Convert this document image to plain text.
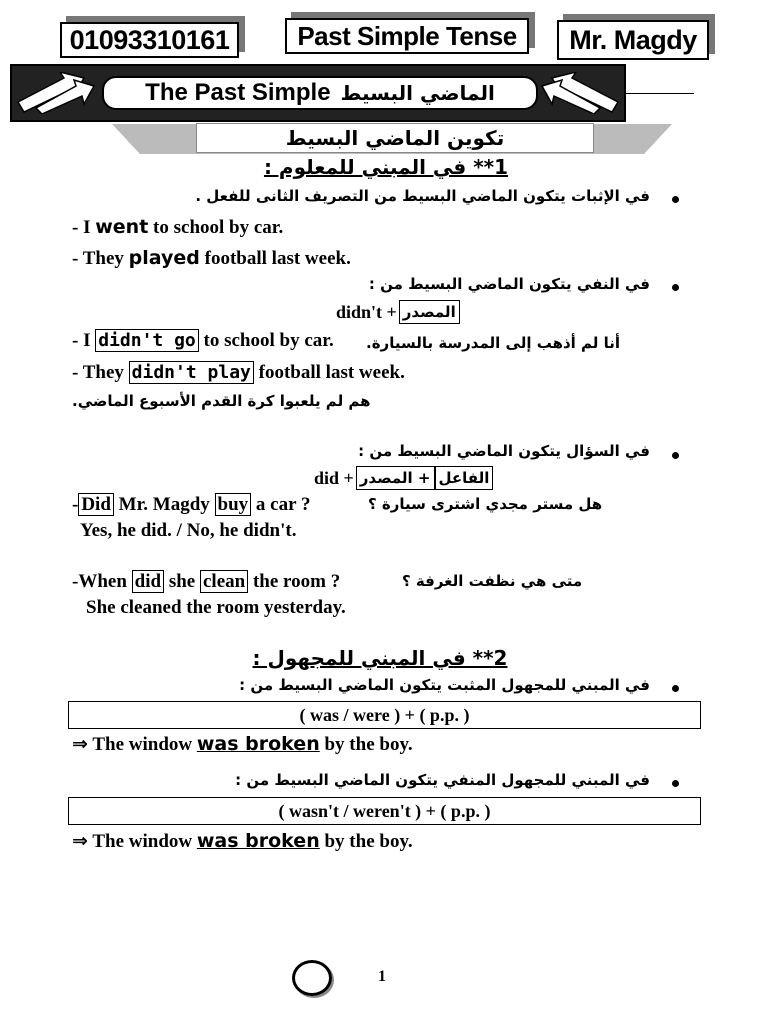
01093310161	Past Simple Tense	Mr. Magdy
The Past Simple الماضي البسيط
تكوين الماضي البسيط
1** في المبني للمعلوم :
في الإثبات يتكون الماضي البسيط من التصريف الثانى للفعل .
- I went to school by car.
- They played football last week.
في النفي يتكون الماضي البسيط من :
didn't + المصدر
- I didn't go to school by car. أنا لم أذهب إلى المدرسة بالسيارة.
- They didn't play football last week.
هم لم يلعبوا كرة القدم الأسبوع الماضي.
في السؤال يتكون الماضي البسيط من :
did + المصدر + الفاعل
- Did Mr. Magdy buy a car ?	هل مستر مجدي اشترى سيارة ؟
Yes, he did. / No, he didn't.
-When did she clean the room ?	متى هي نظفت الغرفة ؟
She cleaned the room yesterday.
2** في المبني للمجهول :
في المبني للمجهول المثبت يتكون الماضي البسيط من :
( was / were ) + ( p.p. )
⇒ The window was broken by the boy.
في المبني للمجهول المنفي يتكون الماضي البسيط من :
( wasn't / weren't ) + ( p.p. )
⇒ The window was broken by the boy.
1
